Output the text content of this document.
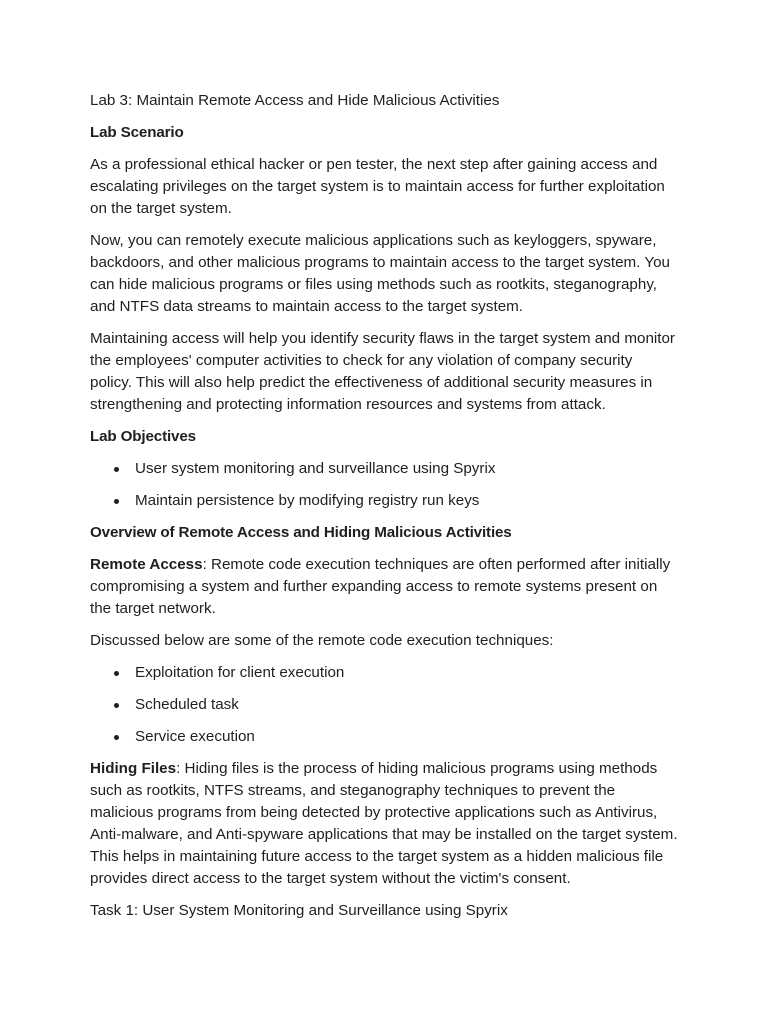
Lab 3: Maintain Remote Access and Hide Malicious Activities

Lab Scenario

As a professional ethical hacker or pen tester, the next step after gaining access and escalating privileges on the target system is to maintain access for further exploitation on the target system.

Now, you can remotely execute malicious applications such as keyloggers, spyware, backdoors, and other malicious programs to maintain access to the target system. You can hide malicious programs or files using methods such as rootkits, steganography, and NTFS data streams to maintain access to the target system.

Maintaining access will help you identify security flaws in the target system and monitor the employees' computer activities to check for any violation of company security policy. This will also help predict the effectiveness of additional security measures in strengthening and protecting information resources and systems from attack.

Lab Objectives

User system monitoring and surveillance using Spyrix
Maintain persistence by modifying registry run keys

Overview of Remote Access and Hiding Malicious Activities

Remote Access: Remote code execution techniques are often performed after initially compromising a system and further expanding access to remote systems present on the target network.

Discussed below are some of the remote code execution techniques:

Exploitation for client execution
Scheduled task
Service execution

Hiding Files: Hiding files is the process of hiding malicious programs using methods such as rootkits, NTFS streams, and steganography techniques to prevent the malicious programs from being detected by protective applications such as Antivirus, Anti-malware, and Anti-spyware applications that may be installed on the target system. This helps in maintaining future access to the target system as a hidden malicious file provides direct access to the target system without the victim's consent.

Task 1: User System Monitoring and Surveillance using Spyrix
